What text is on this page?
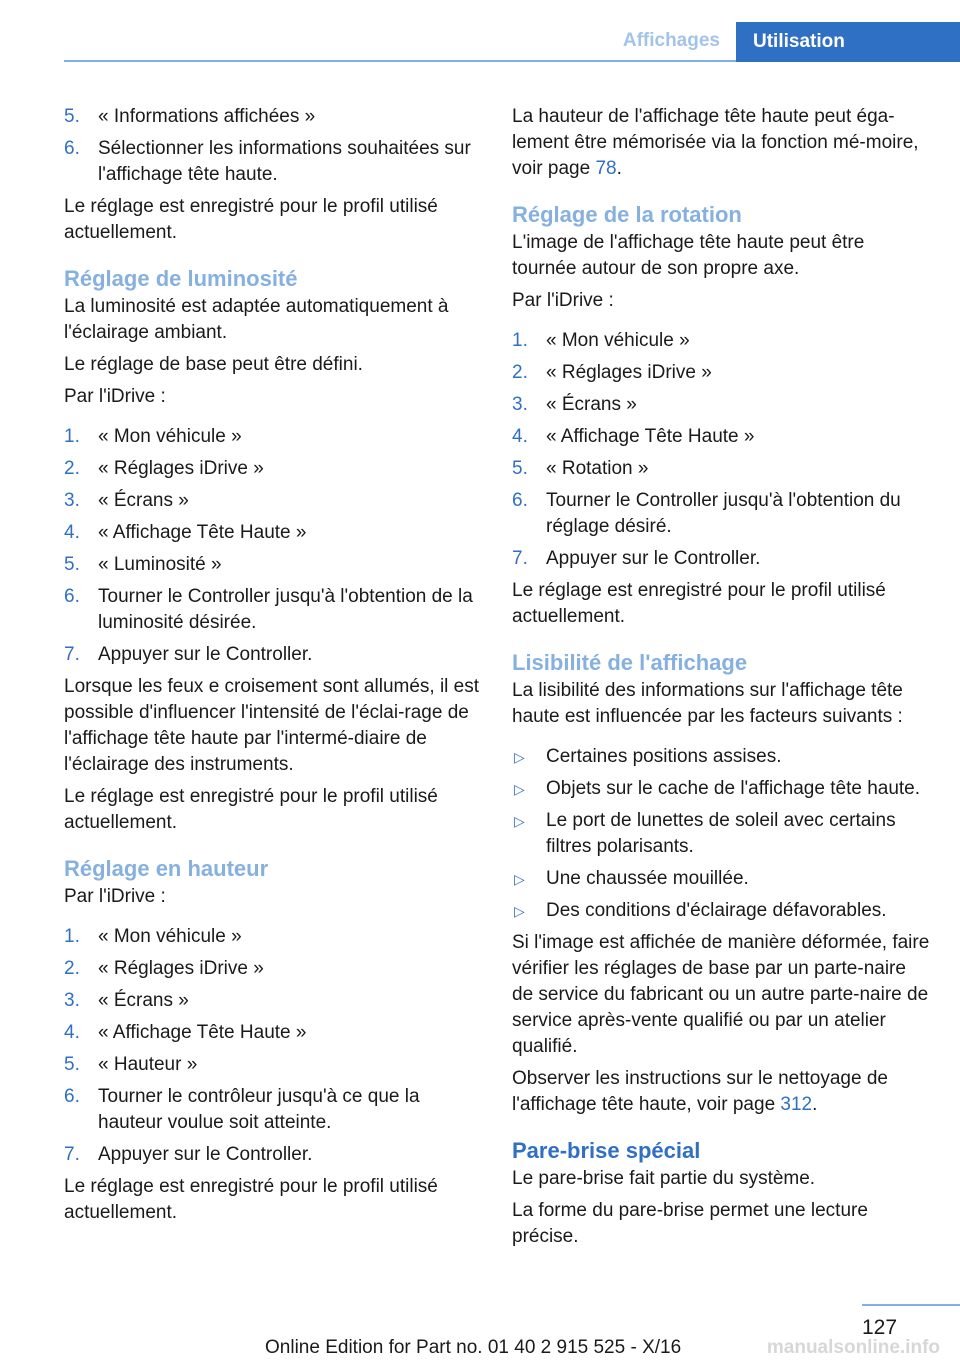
Affichages	Utilisation
5. « Informations affichées »
6. Sélectionner les informations souhaitées sur l'affichage tête haute.

Le réglage est enregistré pour le profil utilisé actuellement.

Réglage de luminosité

La luminosité est adaptée automatiquement à l'éclairage ambiant.

Le réglage de base peut être défini.

Par l'iDrive :

1. « Mon véhicule »
2. « Réglages iDrive »
3. « Écrans »
4. « Affichage Tête Haute »
5. « Luminosité »
6. Tourner le Controller jusqu'à l'obtention de la luminosité désirée.
7. Appuyer sur le Controller.

Lorsque les feux e croisement sont allumés, il est possible d'influencer l'intensité de l'éclai-rage de l'affichage tête haute par l'intermé-diaire de l'éclairage des instruments.

Le réglage est enregistré pour le profil utilisé actuellement.

Réglage en hauteur

Par l'iDrive :

1. « Mon véhicule »
2. « Réglages iDrive »
3. « Écrans »
4. « Affichage Tête Haute »
5. « Hauteur »
6. Tourner le contrôleur jusqu'à ce que la hauteur voulue soit atteinte.
7. Appuyer sur le Controller.

Le réglage est enregistré pour le profil utilisé actuellement.

La hauteur de l'affichage tête haute peut éga-lement être mémorisée via la fonction mé-moire, voir page 78.

Réglage de la rotation

L'image de l'affichage tête haute peut être tournée autour de son propre axe.

Par l'iDrive :

1. « Mon véhicule »
2. « Réglages iDrive »
3. « Écrans »
4. « Affichage Tête Haute »
5. « Rotation »
6. Tourner le Controller jusqu'à l'obtention du réglage désiré.
7. Appuyer sur le Controller.

Le réglage est enregistré pour le profil utilisé actuellement.

Lisibilité de l'affichage

La lisibilité des informations sur l'affichage tête haute est influencée par les facteurs suivants :

▷ Certaines positions assises.
▷ Objets sur le cache de l'affichage tête haute.
▷ Le port de lunettes de soleil avec certains filtres polarisants.
▷ Une chaussée mouillée.
▷ Des conditions d'éclairage défavorables.

Si l'image est affichée de manière déformée, faire vérifier les réglages de base par un parte-naire de service du fabricant ou un autre parte-naire de service après-vente qualifié ou par un atelier qualifié.

Observer les instructions sur le nettoyage de l'affichage tête haute, voir page 312.

Pare-brise spécial

Le pare-brise fait partie du système.

La forme du pare-brise permet une lecture précise.

127
Online Edition for Part no. 01 40 2 915 525 - X/16	manualsonline.info
